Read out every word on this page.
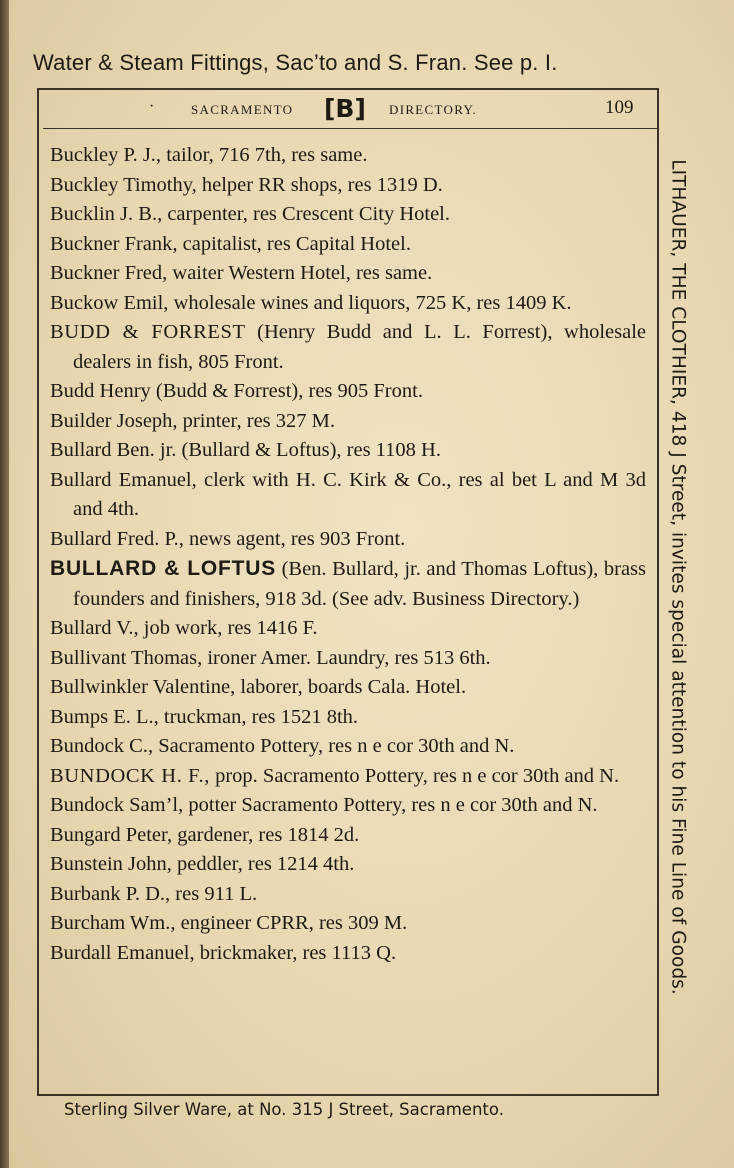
Water & Steam Fittings, Sac’to and S. Fran. See p. I.
·	SACRAMENTO [B] DIRECTORY.	109
Buckley P. J., tailor, 716 7th, res same.
Buckley Timothy, helper RR shops, res 1319 D.
Bucklin J. B., carpenter, res Crescent City Hotel.
Buckner Frank, capitalist, res Capital Hotel.
Buckner Fred, waiter Western Hotel, res same.
Buckow Emil, wholesale wines and liquors, 725 K, res 1409 K.
BUDD & FORREST (Henry Budd and L. L. Forrest), wholesale dealers in fish, 805 Front.
Budd Henry (Budd & Forrest), res 905 Front.
Builder Joseph, printer, res 327 M.
Bullard Ben. jr. (Bullard & Loftus), res 1108 H.
Bullard Emanuel, clerk with H. C. Kirk & Co., res al bet L and M 3d and 4th.
Bullard Fred. P., news agent, res 903 Front.
BULLARD & LOFTUS (Ben. Bullard, jr. and Thomas Loftus), brass founders and finishers, 918 3d. (See adv. Business Directory.)
Bullard V., job work, res 1416 F.
Bullivant Thomas, ironer Amer. Laundry, res 513 6th.
Bullwinkler Valentine, laborer, boards Cala. Hotel.
Bumps E. L., truckman, res 1521 8th.
Bundock C., Sacramento Pottery, res n e cor 30th and N.
BUNDOCK H. F., prop. Sacramento Pottery, res n e cor 30th and N.
Bundock Sam’l, potter Sacramento Pottery, res n e cor 30th and N.
Bungard Peter, gardener, res 1814 2d.
Bunstein John, peddler, res 1214 4th.
Burbank P. D., res 911 L.
Burcham Wm., engineer CPRR, res 309 M.
Burdall Emanuel, brickmaker, res 1113 Q.	LITHAUER, THE CLOTHIER, 418 J Street, invites special attention to his Fine Line of Goods.
Sterling Silver Ware, at No. 315 J Street, Sacramento.
